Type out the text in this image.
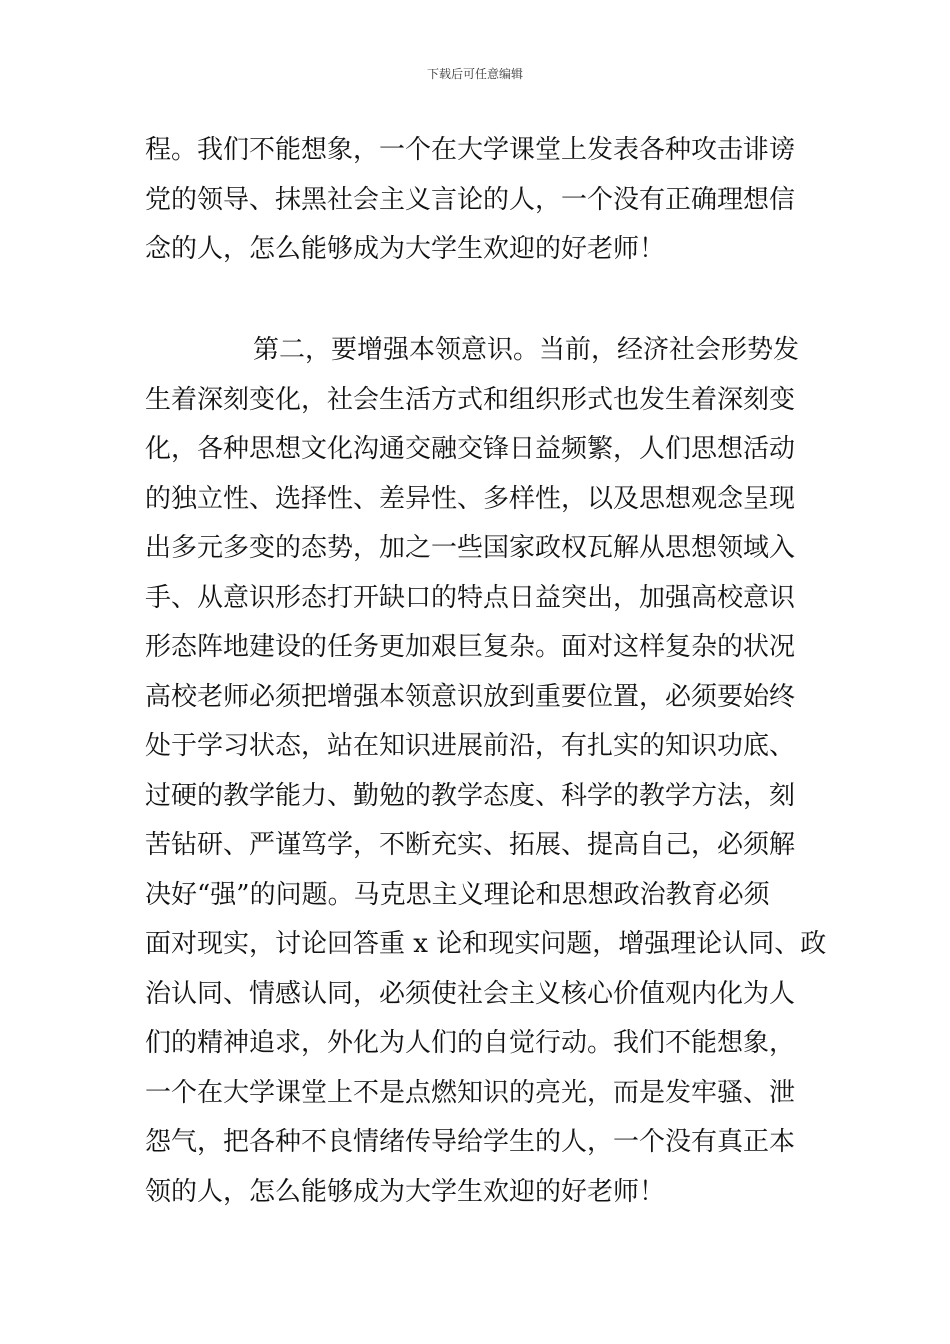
下载后可任意编辑
程。我们不能想象，一个在大学课堂上发表各种攻击诽谤
党的领导、抹黑社会主义言论的人，一个没有正确理想信
念的人，怎么能够成为大学生欢迎的好老师！
第二，要增强本领意识。当前，经济社会形势发
生着深刻变化，社会生活方式和组织形式也发生着深刻变
化，各种思想文化沟通交融交锋日益频繁，人们思想活动
的独立性、选择性、差异性、多样性，以及思想观念呈现
出多元多变的态势，加之一些国家政权瓦解从思想领域入
手、从意识形态打开缺口的特点日益突出，加强高校意识
形态阵地建设的任务更加艰巨复杂。面对这样复杂的状况
高校老师必须把增强本领意识放到重要位置，必须要始终
处于学习状态，站在知识进展前沿，有扎实的知识功底、
过硬的教学能力、勤勉的教学态度、科学的教学方法，刻
苦钻研、严谨笃学，不断充实、拓展、提高自己，必须解
决好“强”的问题。马克思主义理论和思想政治教育必须
面对现实，讨论回答重 x 论和现实问题，增强理论认同、政
治认同、情感认同，必须使社会主义核心价值观内化为人
们的精神追求，外化为人们的自觉行动。我们不能想象，
一个在大学课堂上不是点燃知识的亮光，而是发牢骚、泄
怨气，把各种不良情绪传导给学生的人，一个没有真正本
领的人，怎么能够成为大学生欢迎的好老师！
